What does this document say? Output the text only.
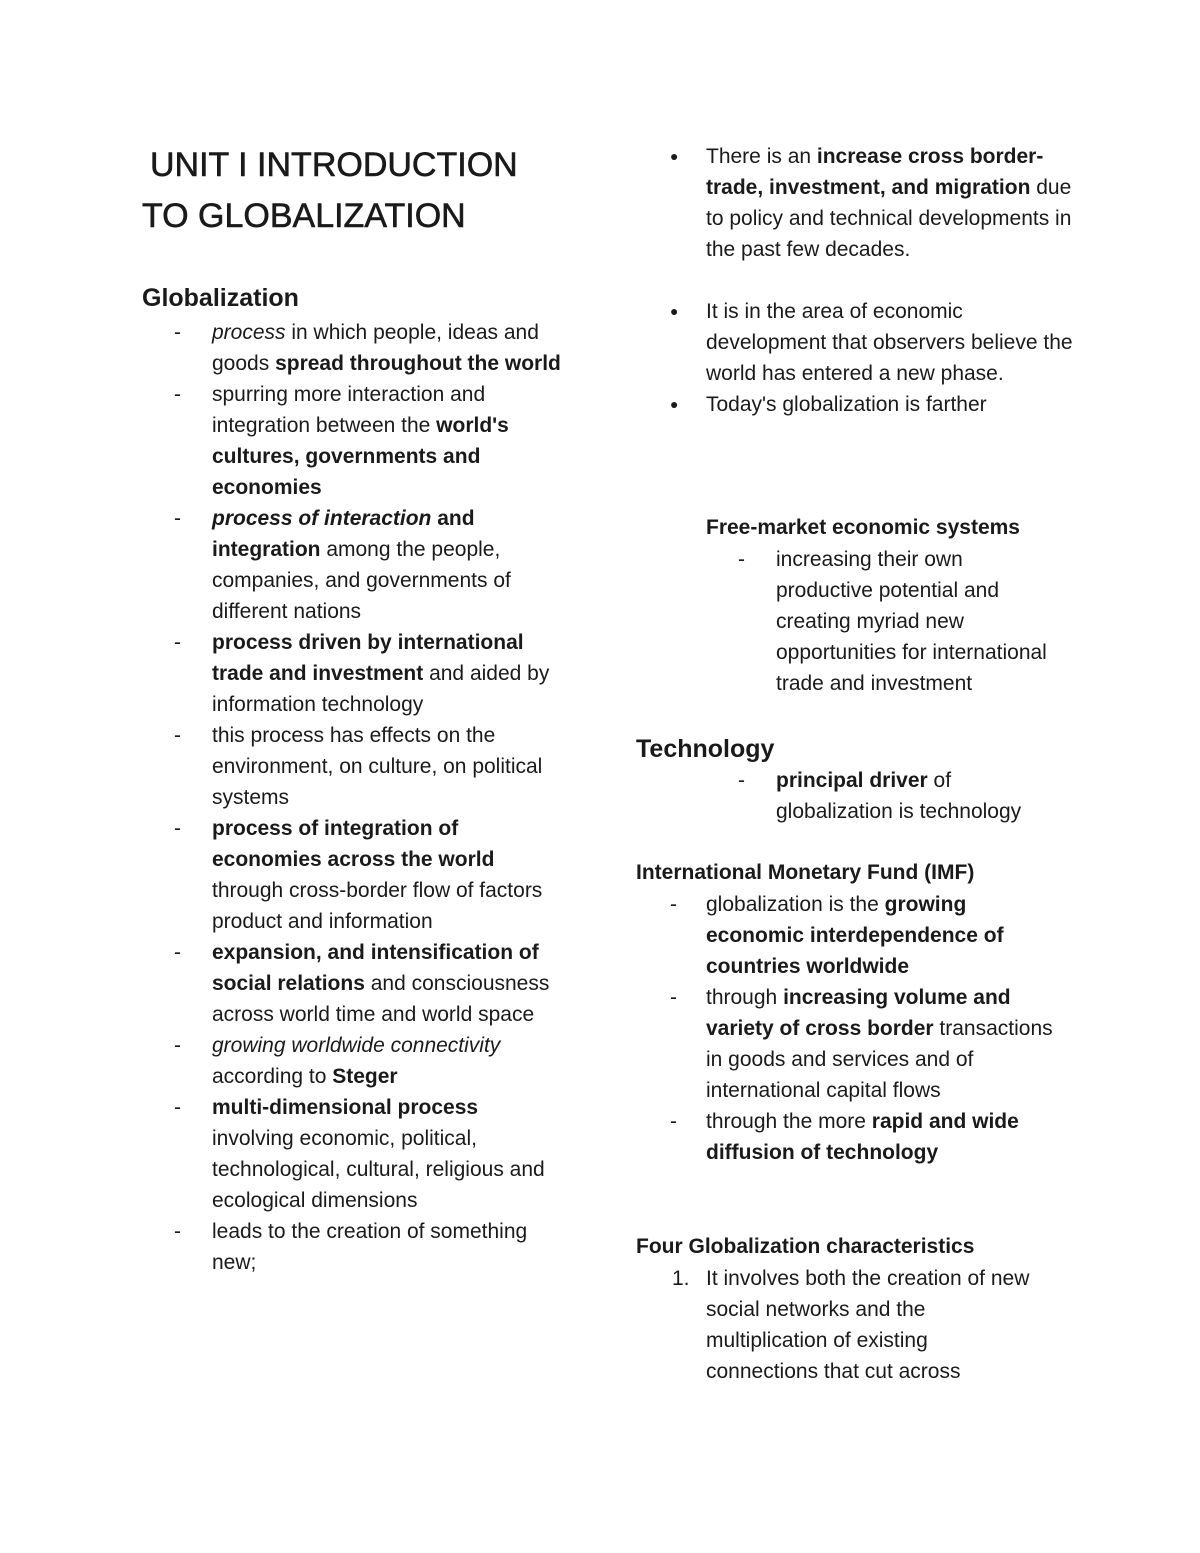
UNIT I INTRODUCTION
TO GLOBALIZATION
Globalization
- process in which people, ideas and goods spread throughout the world
- spurring more interaction and integration between the world's cultures, governments and economies
- process of interaction and integration among the people, companies, and governments of different nations
- process driven by international trade and investment and aided by information technology
- this process has effects on the environment, on culture, on political systems
- process of integration of economies across the world through cross-border flow of factors product and information
- expansion, and intensification of social relations and consciousness across world time and world space
- growing worldwide connectivity according to Steger
- multi-dimensional process involving economic, political, technological, cultural, religious and ecological dimensions
- leads to the creation of something new;
● There is an increase cross border- trade, investment, and migration due to policy and technical developments in the past few decades.
● It is in the area of economic development that observers believe the world has entered a new phase.
● Today's globalization is farther
Free-market economic systems
- increasing their own productive potential and creating myriad new opportunities for international trade and investment
Technology
- principal driver of globalization is technology
International Monetary Fund (IMF)
- globalization is the growing economic interdependence of countries worldwide
- through increasing volume and variety of cross border transactions in goods and services and of international capital flows
- through the more rapid and wide diffusion of technology
Four Globalization characteristics
1. It involves both the creation of new social networks and the multiplication of existing connections that cut across
